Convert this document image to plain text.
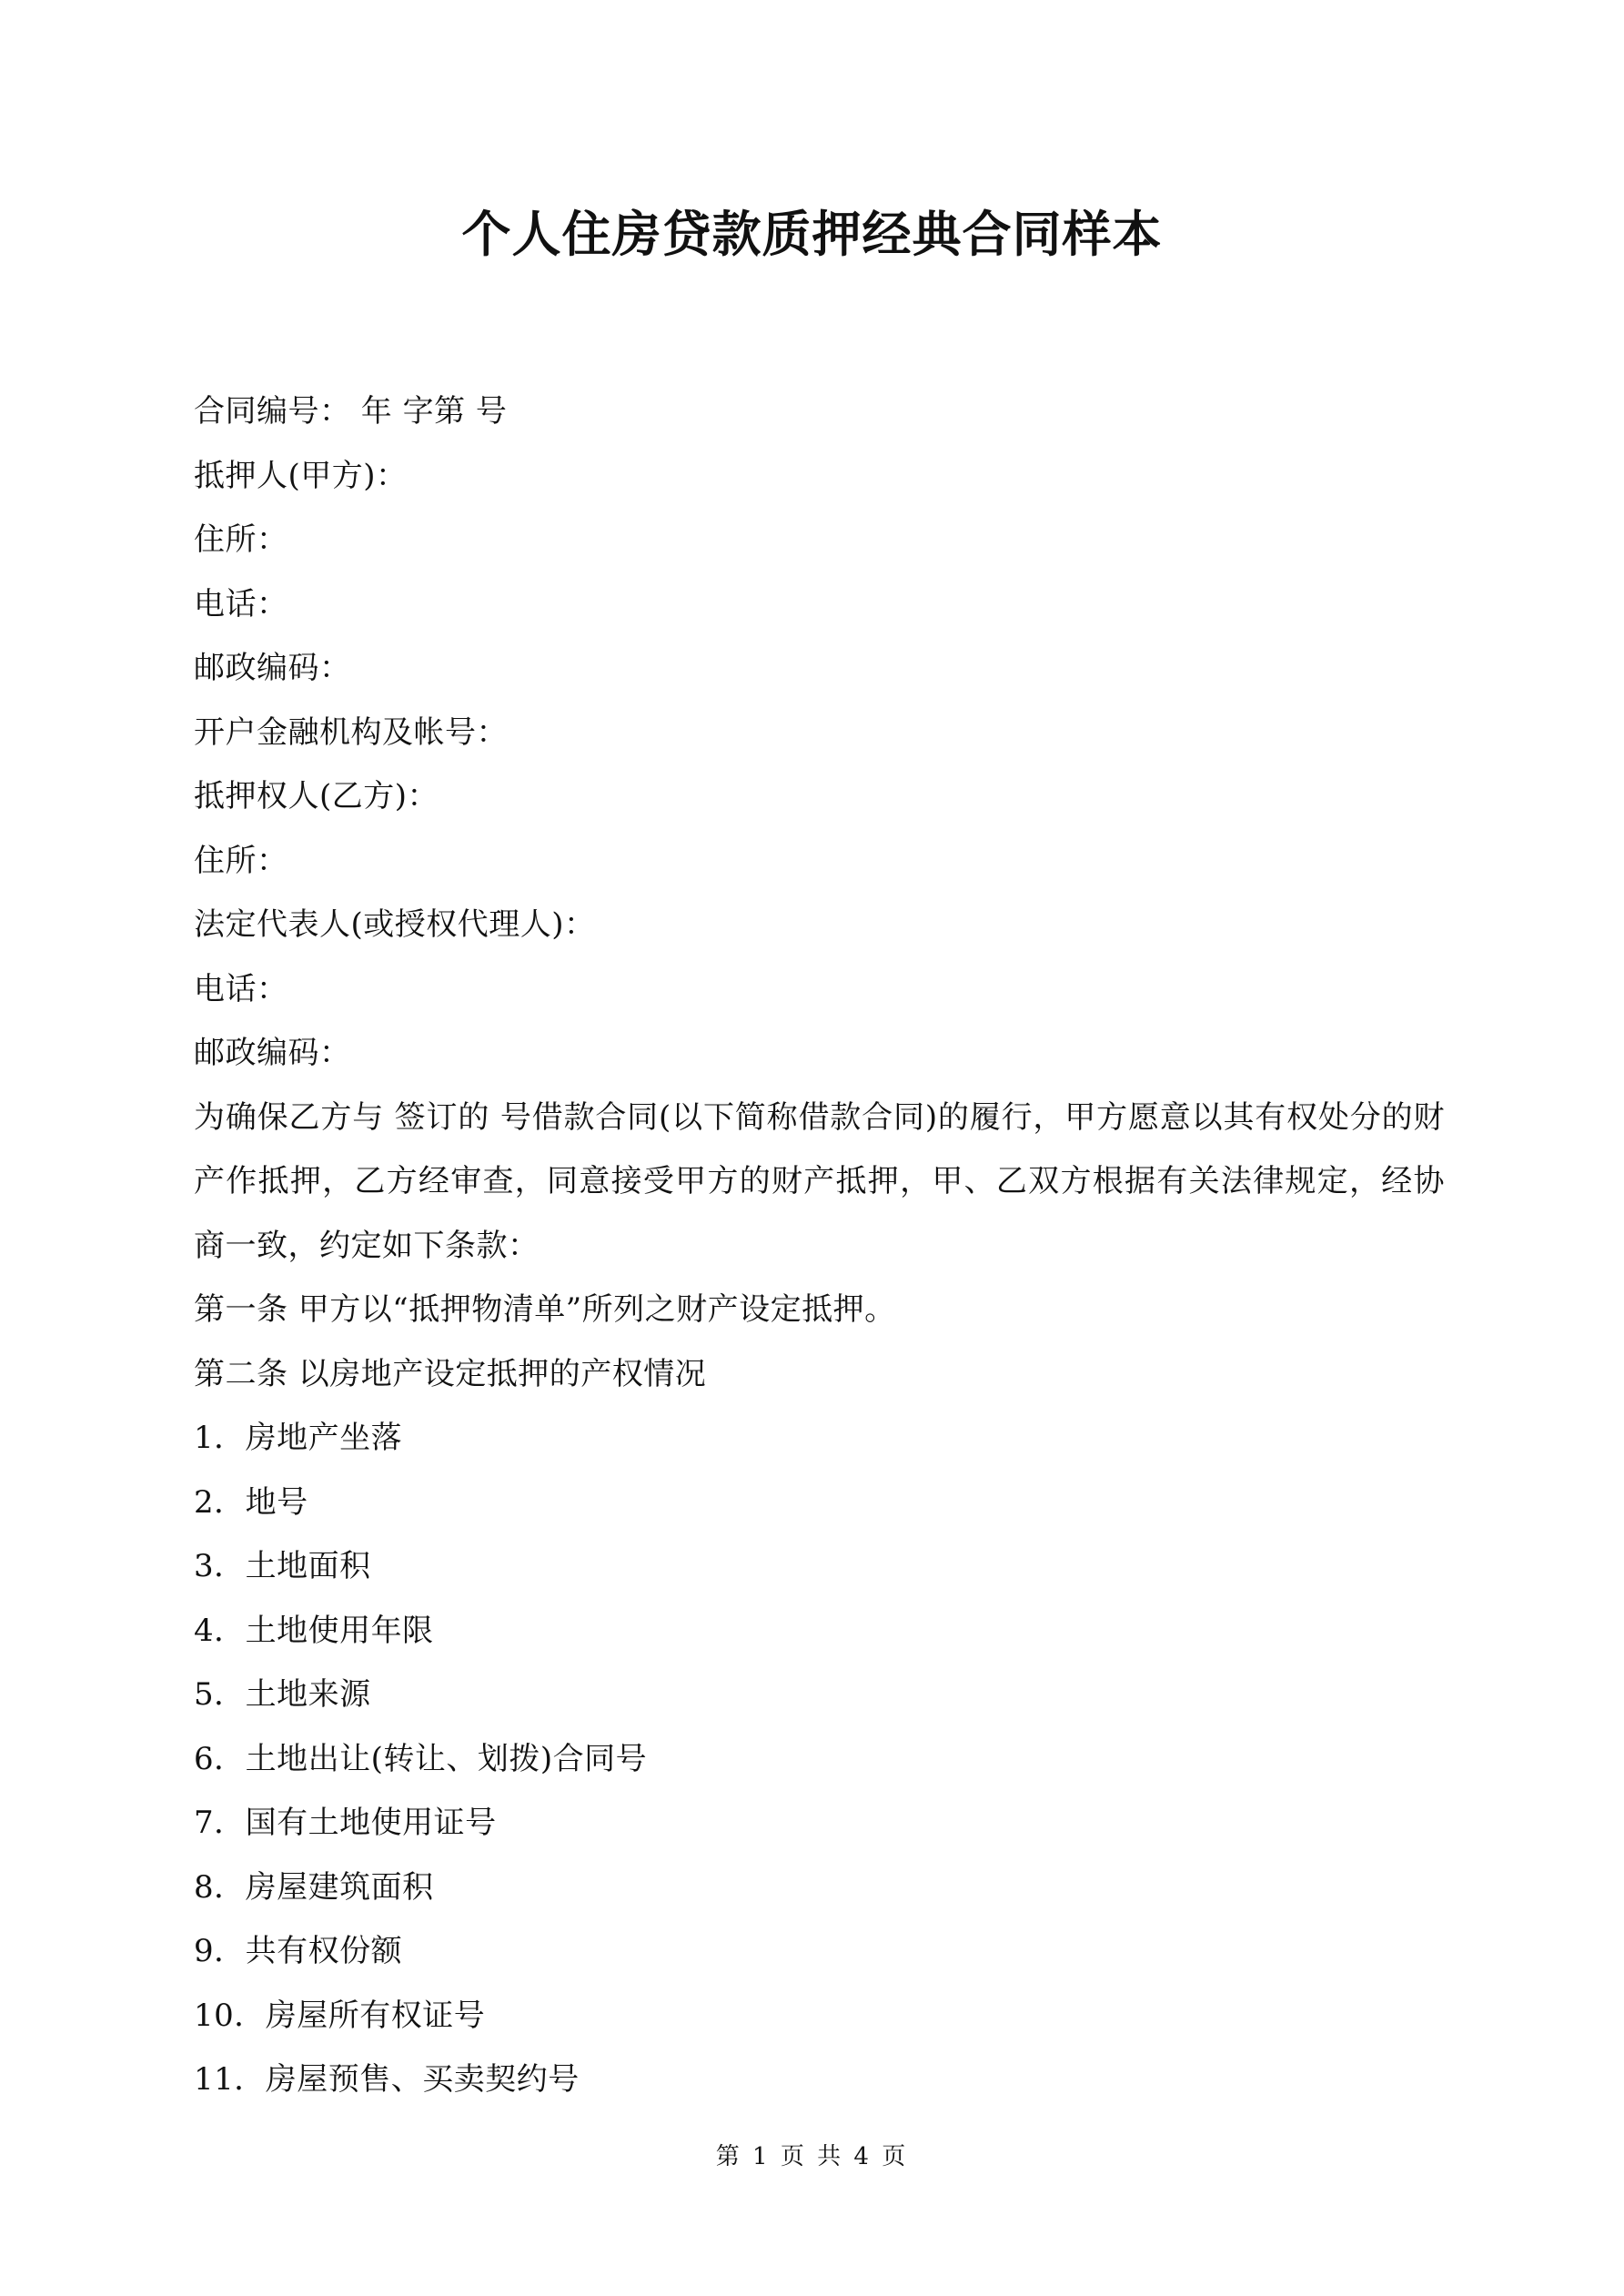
个人住房贷款质押经典合同样本
合同编号： 年 字第 号
抵押人(甲方)：
住所：
电话：
邮政编码：
开户金融机构及帐号：
抵押权人(乙方)：
住所：
法定代表人(或授权代理人)：
电话：
邮政编码：
为确保乙方与 签订的 号借款合同(以下简称借款合同)的履行，甲方愿意以其有权处分的财产作抵押，乙方经审查，同意接受甲方的财产抵押，甲、乙双方根据有关法律规定，经协商一致，约定如下条款：
第一条 甲方以“抵押物清单”所列之财产设定抵押。
第二条 以房地产设定抵押的产权情况
1．房地产坐落
2．地号
3．土地面积
4．土地使用年限
5．土地来源
6．土地出让(转让、划拨)合同号
7．国有土地使用证号
8．房屋建筑面积
9．共有权份额
10．房屋所有权证号
11．房屋预售、买卖契约号
第 1 页 共 4 页
